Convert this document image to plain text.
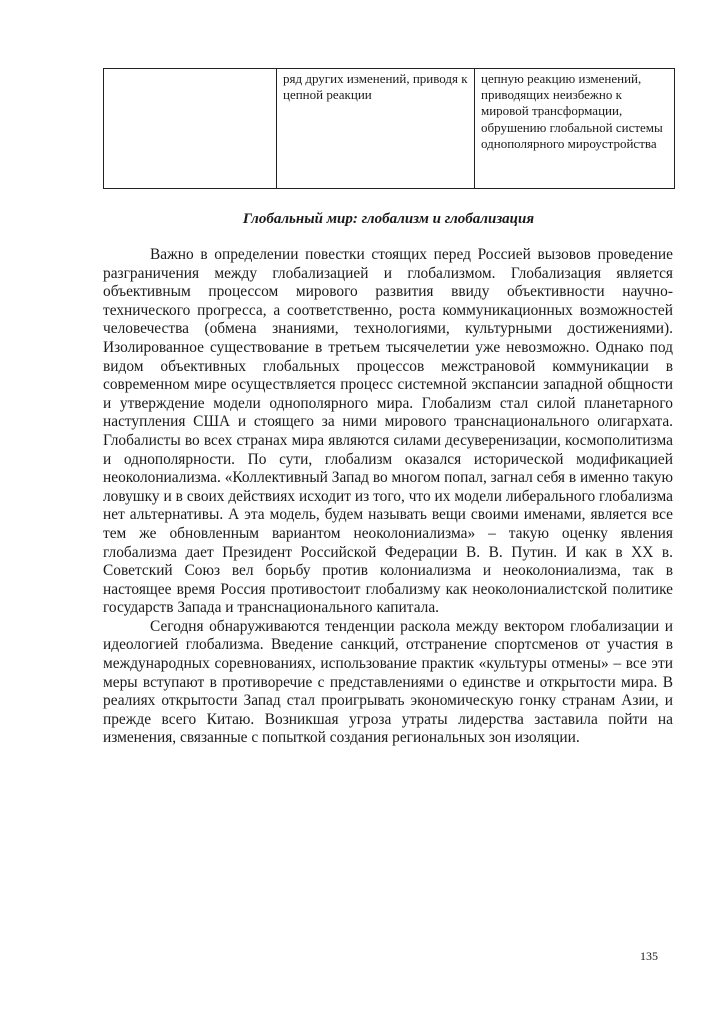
	ряд других изменений, приводя к цепной реакции	цепную реакцию изменений, приводящих неизбежно к мировой трансформации, обрушению глобальной системы однополярного мироустройства
Глобальный мир: глобализм и глобализация

Важно в определении повестки стоящих перед Россией вызовов проведение разграничения между глобализацией и глобализмом. Глобализация является объективным процессом мирового развития ввиду объективности научно-технического прогресса, а соответственно, роста коммуникационных возможностей человечества (обмена знаниями, технологиями, культурными достижениями). Изолированное существование в третьем тысячелетии уже невозможно. Однако под видом объективных глобальных процессов межстрановой коммуникации в современном мире осуществляется процесс системной экспансии западной общности и утверждение модели однополярного мира. Глобализм стал силой планетарного наступления США и стоящего за ними мирового транснационального олигархата. Глобалисты во всех странах мира являются силами десуверенизации, космополитизма и однополярности. По сути, глобализм оказался исторической модификацией неоколониализма. «Коллективный Запад во многом попал, загнал себя в именно такую ловушку и в своих действиях исходит из того, что их модели либерального глобализма нет альтернативы. А эта модель, будем называть вещи своими именами, является все тем же обновленным вариантом неоколониализма» – такую оценку явления глобализма дает Президент Российской Федерации В. В. Путин. И как в XX в. Советский Союз вел борьбу против колониализма и неоколониализма, так в настоящее время Россия противостоит глобализму как неоколониалистской политике государств Запада и транснационального капитала.

Сегодня обнаруживаются тенденции раскола между вектором глобализации и идеологией глобализма. Введение санкций, отстранение спортсменов от участия в международных соревнованиях, использование практик «культуры отмены» – все эти меры вступают в противоречие с представлениями о единстве и открытости мира. В реалиях открытости Запад стал проигрывать экономическую гонку странам Азии, и прежде всего Китаю. Возникшая угроза утраты лидерства заставила пойти на изменения, связанные с попыткой создания региональных зон изоляции.

135
